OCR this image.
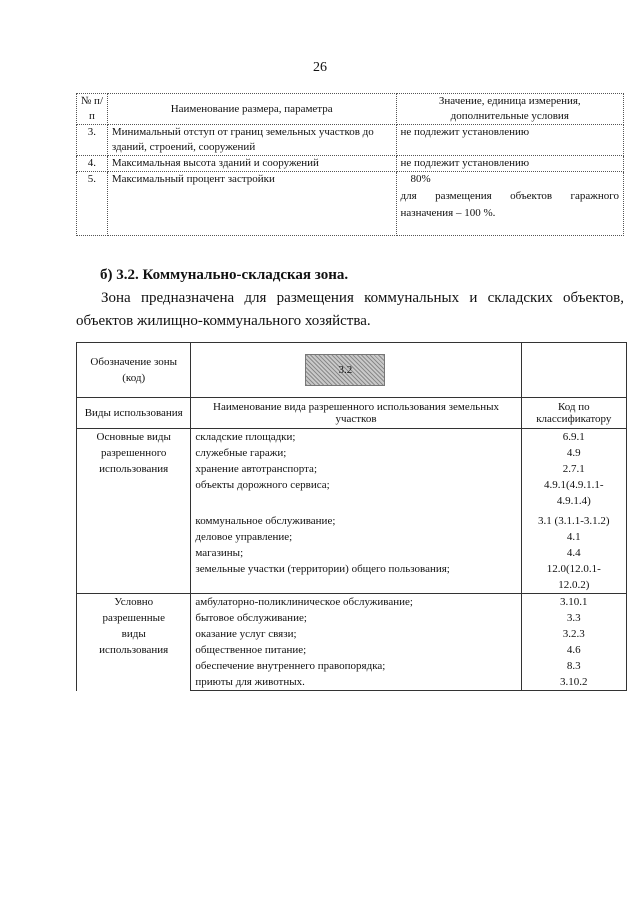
26
№ п/п	Наименование размера, параметра	Значение, единица измерения, дополнительные условия
3.	Минимальный отступ от границ земельных участков до зданий, строений, сооружений	не подлежит установлению

4.	Максимальная высота зданий и сооружений	не подлежит установлению

5.	Максимальный процент застройки	80%
для размещения объектов гаражного
назначения – 100 %.

б) 3.2. Коммунально-складская зона.

Зона предназначена для размещения коммунальных и складских объектов, объектов жилищно-коммунального хозяйства.

Обозначение зоны (код)	3.2	
Виды использования	Наименование вида разрешенного использования земельных участков	Код по классификатору

Основные виды
разрешенного
использования	складские площадки;	6.9.1
	служебные гаражи;	4.9
	хранение автотранспорта;	2.7.1
	объекты дорожного сервиса;	4.9.1(4.9.1.1-
4.9.1.4)

	коммунальное обслуживание;	3.1 (3.1.1-3.1.2)
	деловое управление;	4.1
	магазины;	4.4
	земельные участки (территории) общего пользования;	12.0(12.0.1-
12.0.2)

Условно
разрешенные
виды
использования	амбулаторно-поликлиническое обслуживание;	3.10.1
	бытовое обслуживание;	3.3
	оказание услуг связи;	3.2.3
	общественное питание;	4.6
	обеспечение внутреннего правопорядка;	8.3
	приюты для животных.	3.10.2
